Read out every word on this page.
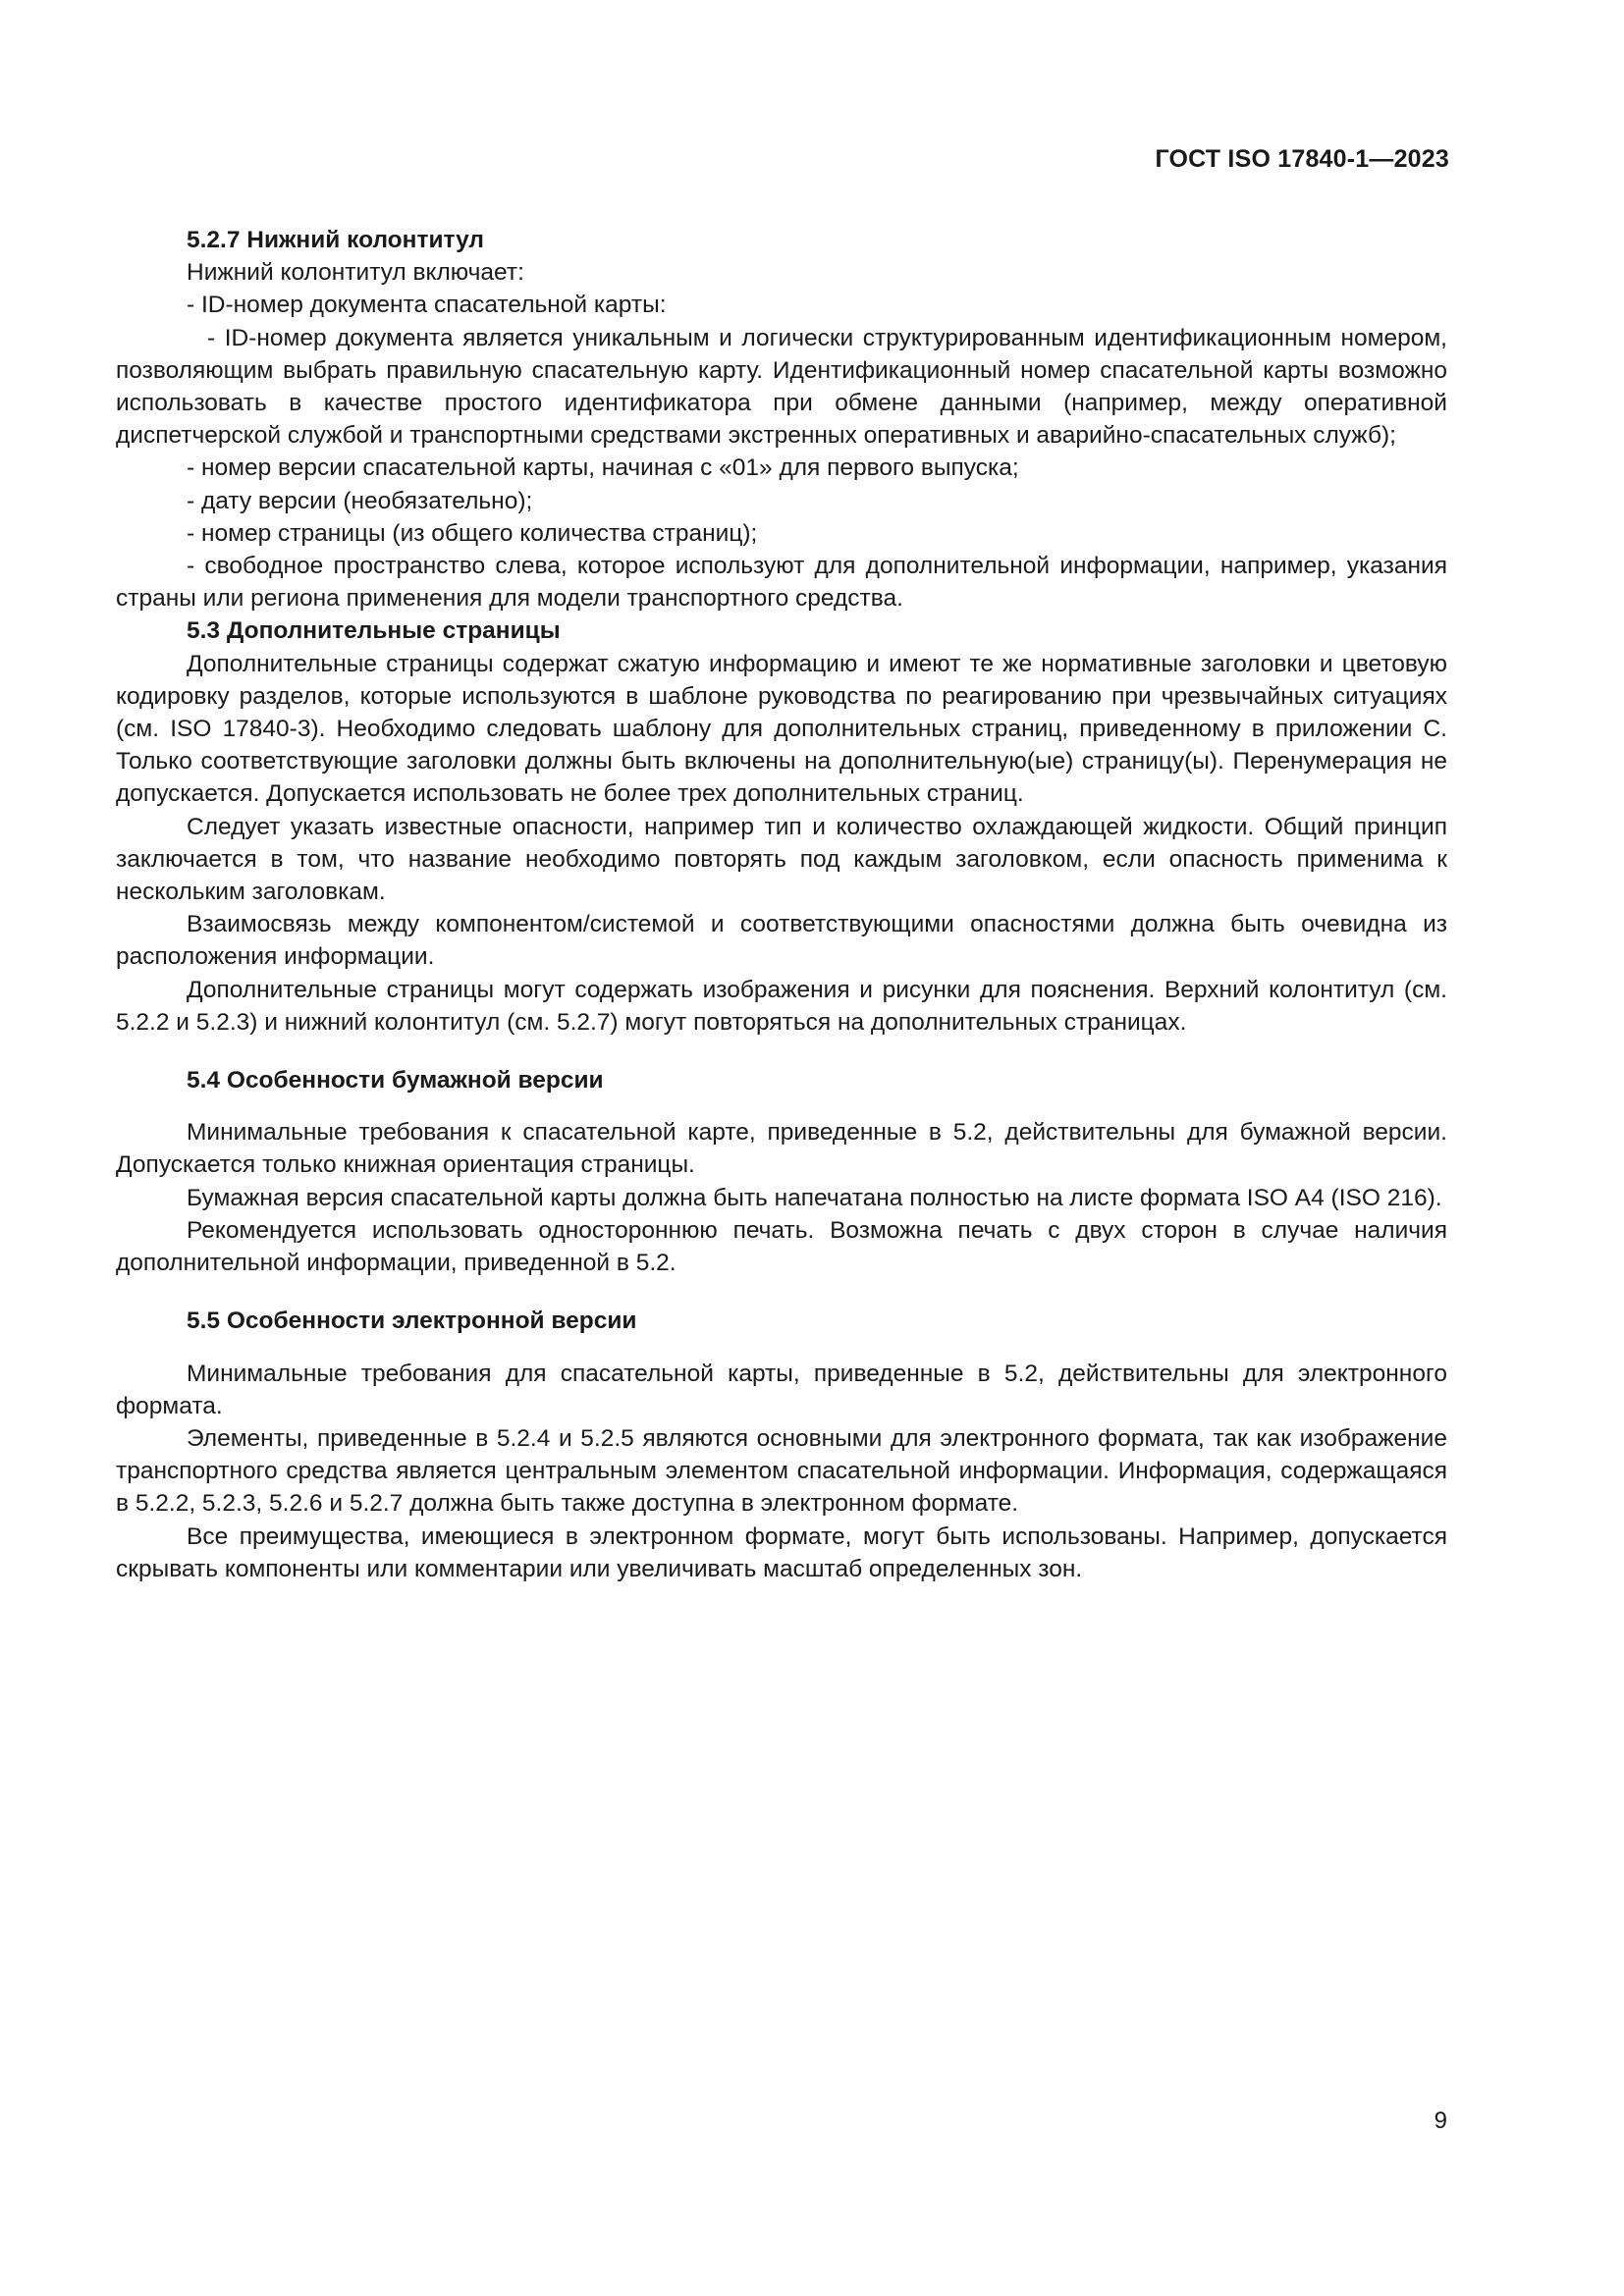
ГОСТ ISO 17840-1—2023

5.2.7 Нижний колонтитул

Нижний колонтитул включает:

- ID-номер документа спасательной карты:

- ID-номер документа является уникальным и логически структурированным идентификационным номером, позволяющим выбрать правильную спасательную карту. Идентификационный номер спасательной карты возможно использовать в качестве простого идентификатора при обмене данными (например, между оперативной диспетчерской службой и транспортными средствами экстренных оперативных и аварийно-спасательных служб);

- номер версии спасательной карты, начиная с «01» для первого выпуска;

- дату версии (необязательно);

- номер страницы (из общего количества страниц);

- свободное пространство слева, которое используют для дополнительной информации, например, указания страны или региона применения для модели транспортного средства.

5.3 Дополнительные страницы

Дополнительные страницы содержат сжатую информацию и имеют те же нормативные заголовки и цветовую кодировку разделов, которые используются в шаблоне руководства по реагированию при чрезвычайных ситуациях (см. ISO 17840-3). Необходимо следовать шаблону для дополнительных страниц, приведенному в приложении С. Только соответствующие заголовки должны быть включены на дополнительную(ые) страницу(ы). Перенумерация не допускается. Допускается использовать не более трех дополнительных страниц.

Следует указать известные опасности, например тип и количество охлаждающей жидкости. Общий принцип заключается в том, что название необходимо повторять под каждым заголовком, если опасность применима к нескольким заголовкам.

Взаимосвязь между компонентом/системой и соответствующими опасностями должна быть очевидна из расположения информации.

Дополнительные страницы могут содержать изображения и рисунки для пояснения. Верхний колонтитул (см. 5.2.2 и 5.2.3) и нижний колонтитул (см. 5.2.7) могут повторяться на дополнительных страницах.

5.4 Особенности бумажной версии

Минимальные требования к спасательной карте, приведенные в 5.2, действительны для бумажной версии. Допускается только книжная ориентация страницы.

Бумажная версия спасательной карты должна быть напечатана полностью на листе формата ISO А4 (ISO 216).

Рекомендуется использовать одностороннюю печать. Возможна печать с двух сторон в случае наличия дополнительной информации, приведенной в 5.2.

5.5 Особенности электронной версии

Минимальные требования для спасательной карты, приведенные в 5.2, действительны для электронного формата.

Элементы, приведенные в 5.2.4 и 5.2.5 являются основными для электронного формата, так как изображение транспортного средства является центральным элементом спасательной информации. Информация, содержащаяся в 5.2.2, 5.2.3, 5.2.6 и 5.2.7 должна быть также доступна в электронном формате.

Все преимущества, имеющиеся в электронном формате, могут быть использованы. Например, допускается скрывать компоненты или комментарии или увеличивать масштаб определенных зон.

9
